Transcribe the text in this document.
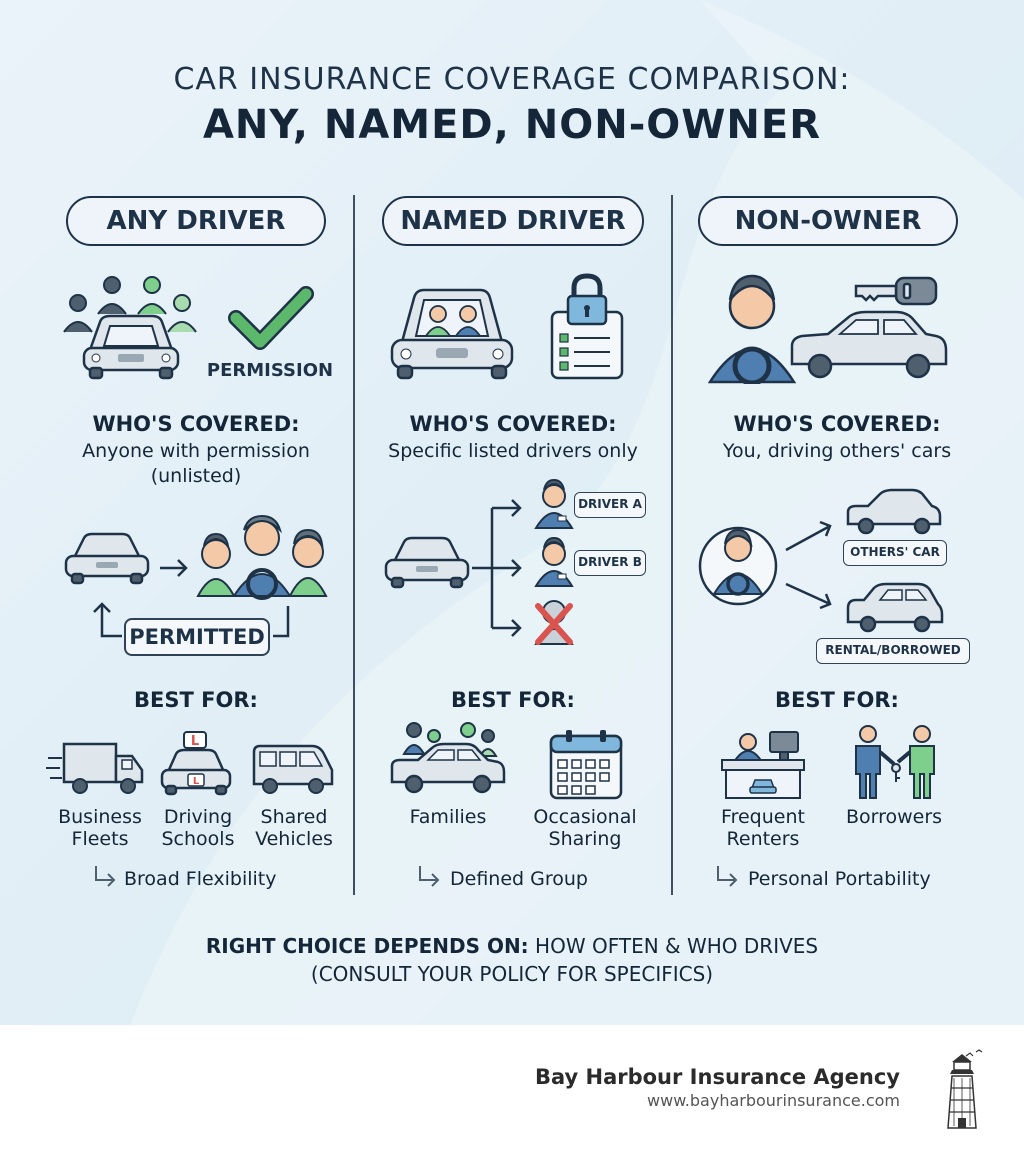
CAR INSURANCE COVERAGE COMPARISON:
ANY, NAMED, NON-OWNER
ANY DRIVER
PERMISSION
WHO'S COVERED:
Anyone with permission
(unlisted)
PERMITTED
BEST FOR:
L
L
Business
Fleets
Driving
Schools
Shared
Vehicles
Broad Flexibility
NAMED DRIVER
WHO'S COVERED:
Specific listed drivers only
DRIVER A
DRIVER B
BEST FOR:
Families	Occasional
Sharing
Defined Group
NON-OWNER
WHO'S COVERED:
You, driving others' cars
OTHERS' CAR
RENTAL/BORROWED
BEST FOR:
Frequent
Renters
Borrowers
Personal Portability
RIGHT CHOICE DEPENDS ON: HOW OFTEN & WHO DRIVES
(CONSULT YOUR POLICY FOR SPECIFICS)
Bay Harbour Insurance Agency
www.bayharbourinsurance.com
